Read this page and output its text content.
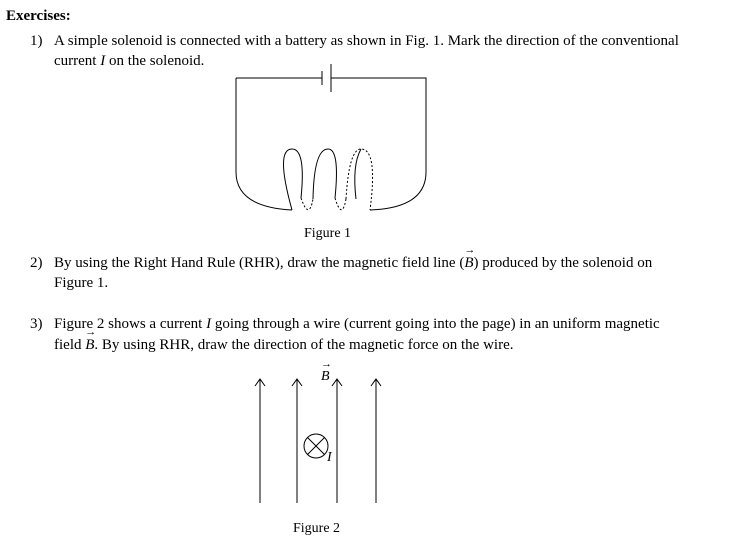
Exercises:
1) A simple solenoid is connected with a battery as shown in Fig. 1. Mark the direction of the conventional
current I on the solenoid.
Figure 1
2) By using the Right Hand Rule (RHR), draw the magnetic field line (→ B) produced by the solenoid on
Figure 1.
3) Figure 2 shows a current I going through a wire (current going into the page) in an uniform magnetic
field → B. By using RHR, draw the direction of the magnetic force on the wire.
→ B
I
Figure 2
